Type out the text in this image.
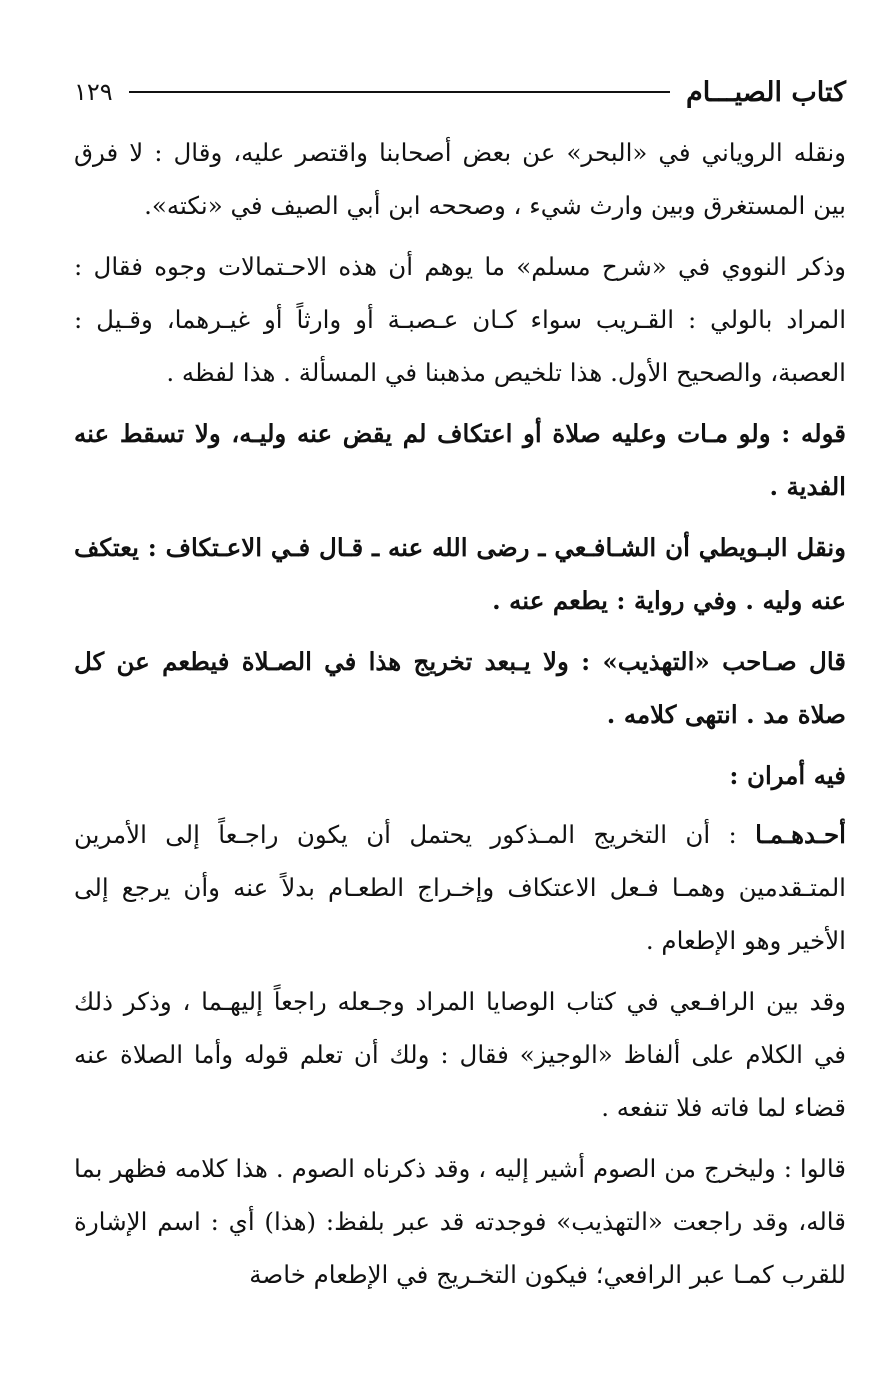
كتاب الصيـــام
١٢٩

ونقله الروياني في «البحر» عن بعض أصحابنا واقتصر عليه، وقال : لا فرق بين المستغرق وبين وارث شيء ، وصححه ابن أبي الصيف في «نكته».

وذكر النووي في «شرح مسلم» ما يوهم أن هذه الاحـتمالات وجوه فقال : المراد بالولي : القـريب سواء كـان عـصبـة أو وارثاً أو غيـرهما، وقـيل : العصبة، والصحيح الأول. هذا تلخيص مذهبنا في المسألة . هذا لفظه .

قوله : ولو مـات وعليه صلاة أو اعتكاف لم يقض عنه وليـه، ولا تسقط عنه الفدية .

ونقل البـويطي أن الشـافـعي ـ رضى الله عنه ـ قـال فـي الاعـتكاف : يعتكف عنه وليه . وفي رواية : يطعم عنه .

قال صـاحب «التهذيب» : ولا يـبعد تخريج هذا في الصـلاة فيطعم عن كل صلاة مد . انتهى كلامه .

فيه أمران :

أحـدهـمـا : أن التخريج المـذكور يحتمل أن يكون راجـعاً إلى الأمرين المتـقدمين وهمـا فـعل الاعتكاف وإخـراج الطعـام بدلاً عنه وأن يرجع إلى الأخير وهو الإطعام .

وقد بين الرافـعي في كتاب الوصايا المراد وجـعله راجعاً إليهـما ، وذكر ذلك في الكلام على ألفاظ «الوجيز» فقال : ولك أن تعلم قوله وأما الصلاة عنه قضاء لما فاته فلا تنفعه .

قالوا : وليخرج من الصوم أشير إليه ، وقد ذكرناه الصوم . هذا كلامه فظهر بما قاله، وقد راجعت «التهذيب» فوجدته قد عبر بلفظ: (هذا) أي : اسم الإشارة للقرب كمـا عبر الرافعي؛ فيكون التخـريج في الإطعام خاصة
